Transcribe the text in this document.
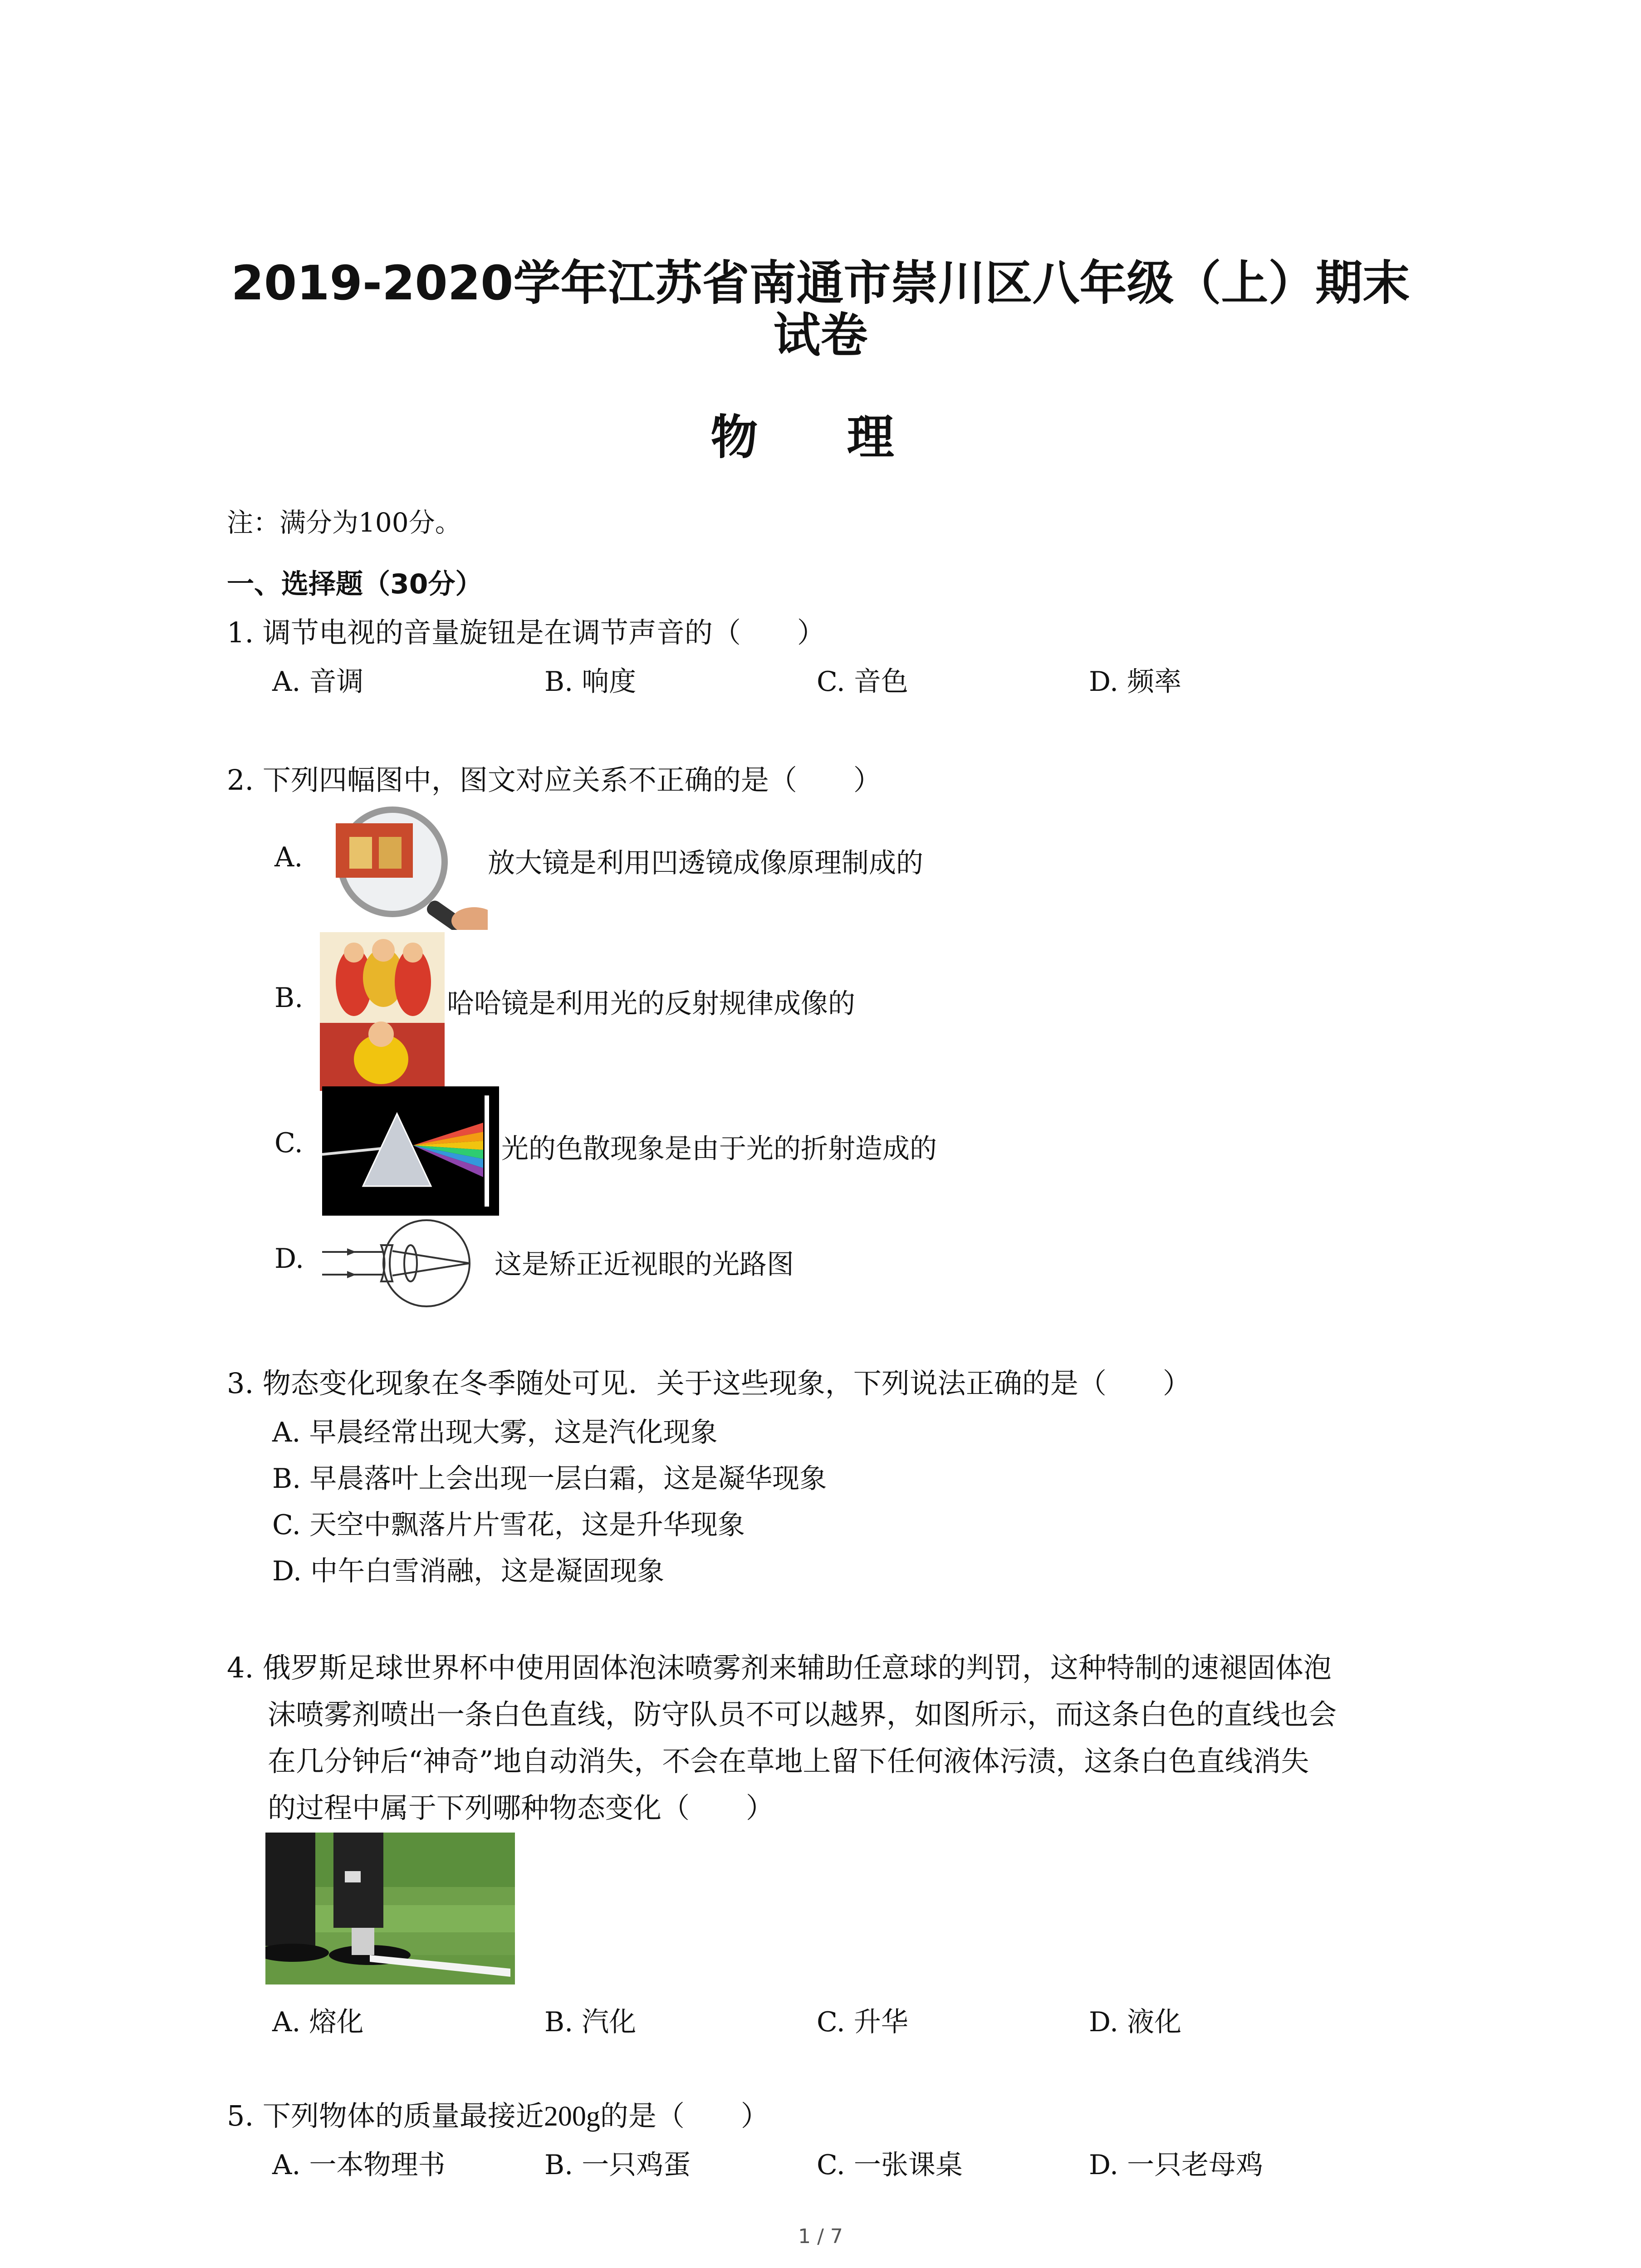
2019-2020学年江苏省南通市崇川区八年级（上）期末
试卷
物 理
注：满分为100分。
一、选择题（30分）
1. 调节电视的音量旋钮是在调节声音的（　　）
A. 音调	B. 响度	C. 音色	D. 频率
2. 下列四幅图中，图文对应关系不正确的是（　　）
A.	放大镜是利用凹透镜成像原理制成的
B.	哈哈镜是利用光的反射规律成像的
C.	光的色散现象是由于光的折射造成的
D.	这是矫正近视眼的光路图
3. 物态变化现象在冬季随处可见．关于这些现象，下列说法正确的是（　　）
A. 早晨经常出现大雾，这是汽化现象
B. 早晨落叶上会出现一层白霜，这是凝华现象
C. 天空中飘落片片雪花，这是升华现象
D. 中午白雪消融，这是凝固现象
4. 俄罗斯足球世界杯中使用固体泡沫喷雾剂来辅助任意球的判罚，这种特制的速褪固体泡
沫喷雾剂喷出一条白色直线，防守队员不可以越界，如图所示，而这条白色的直线也会
在几分钟后“神奇”地自动消失，不会在草地上留下任何液体污渍，这条白色直线消失
的过程中属于下列哪种物态变化（　　）
A. 熔化	B. 汽化	C. 升华	D. 液化
5. 下列物体的质量最接近200g的是（　　）
A. 一本物理书	B. 一只鸡蛋	C. 一张课桌	D. 一只老母鸡
1 / 7
